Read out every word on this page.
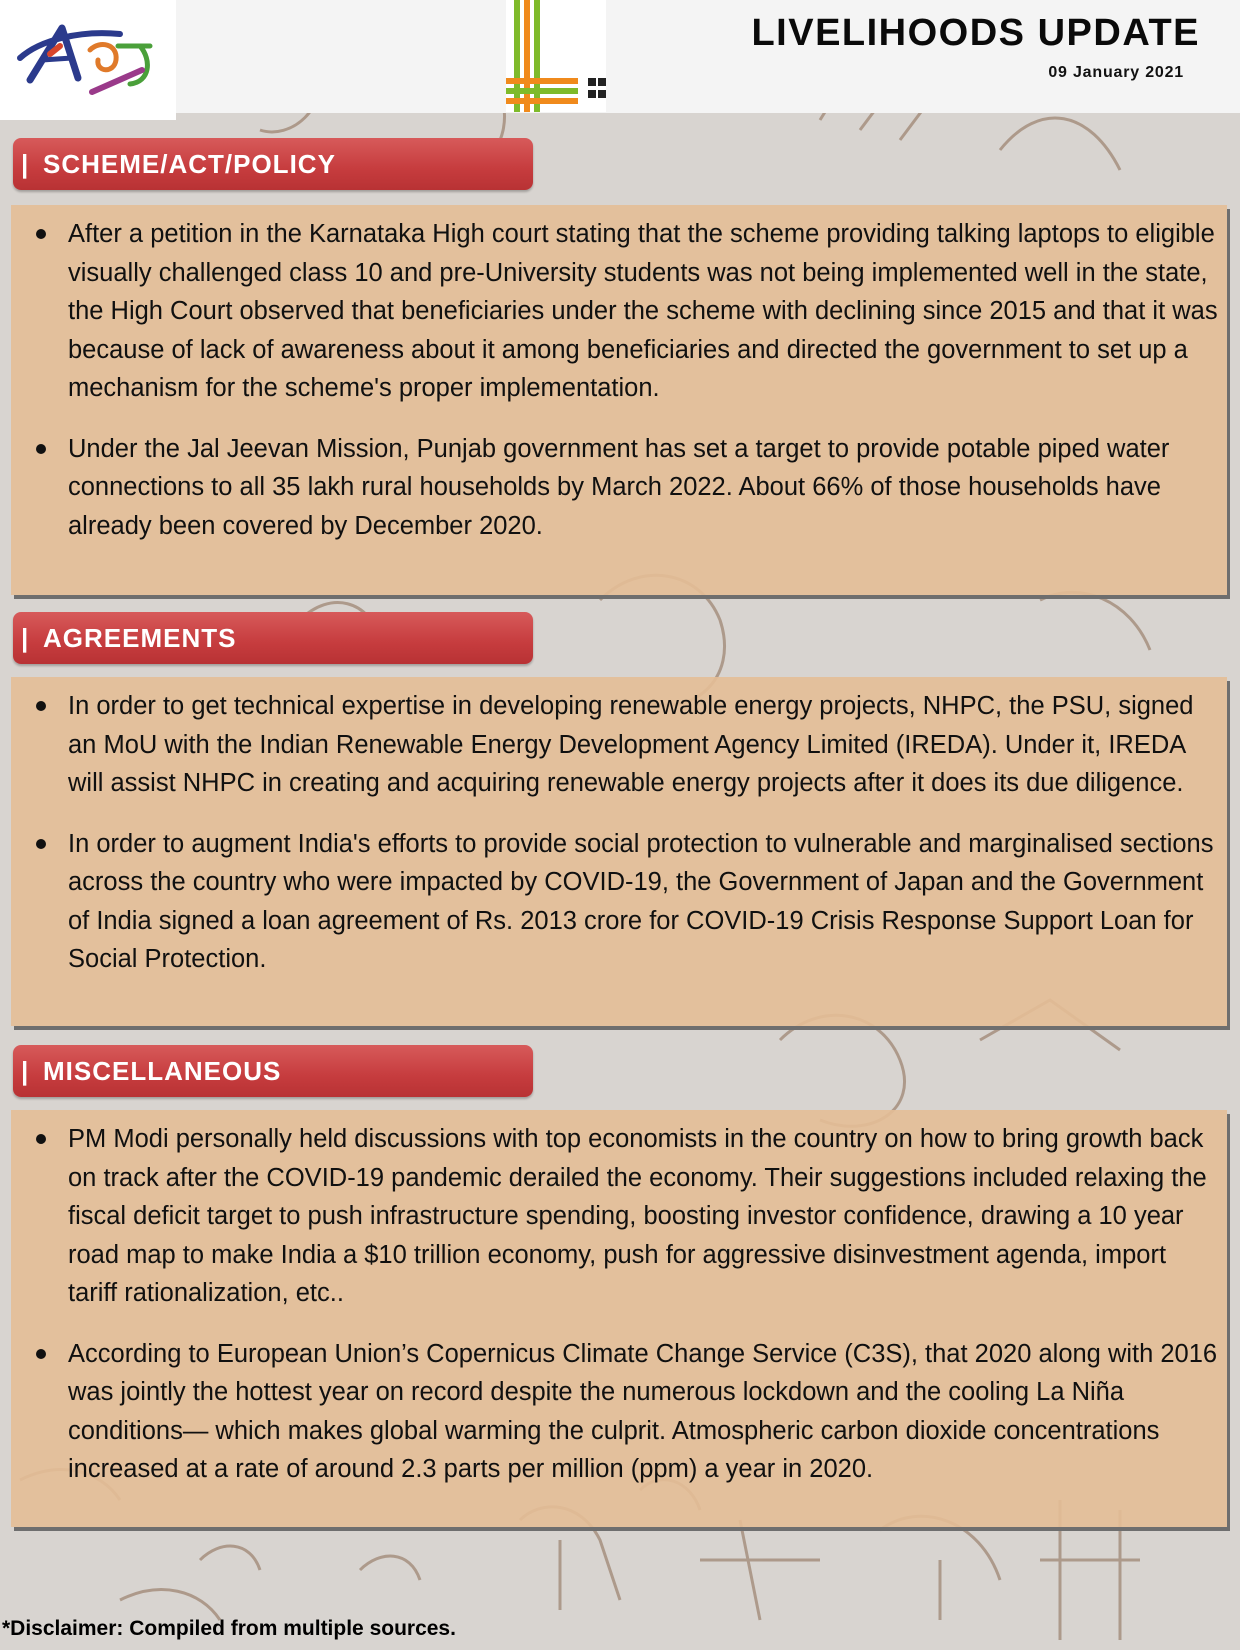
LIVELIHOODS UPDATE
09 January 2021
| SCHEME/ACT/POLICY
After a petition in the Karnataka High court stating that the scheme providing talking laptops to eligible visually challenged class 10 and pre-University students was not being implemented well in the state, the High Court observed that beneficiaries under the scheme with declining since 2015 and that it was because of lack of awareness about it among beneficiaries and directed the government to set up a mechanism for the scheme's proper implementation.
Under the Jal Jeevan Mission, Punjab government has set a target to provide potable piped water connections to all 35 lakh rural households by March 2022. About 66% of those households have already been covered by December 2020.
| AGREEMENTS
In order to get technical expertise in developing renewable energy projects, NHPC, the PSU, signed an MoU with the Indian Renewable Energy Development Agency Limited (IREDA). Under it, IREDA will assist NHPC in creating and acquiring renewable energy projects after it does its due diligence.
In order to augment India's efforts to provide social protection to vulnerable and marginalised sections across the country who were impacted by COVID-19, the Government of Japan and the Government of India signed a loan agreement of Rs. 2013 crore for COVID-19 Crisis Response Support Loan for Social Protection.
| MISCELLANEOUS
PM Modi personally held discussions with top economists in the country on how to bring growth back on track after the COVID-19 pandemic derailed the economy. Their suggestions included relaxing the fiscal deficit target to push infrastructure spending, boosting investor confidence, drawing a 10 year road map to make India a $10 trillion economy, push for aggressive disinvestment agenda, import tariff rationalization, etc..
According to European Union’s Copernicus Climate Change Service (C3S), that 2020 along with 2016 was jointly the hottest year on record despite the numerous lockdown and the cooling La Niña conditions— which makes global warming the culprit. Atmospheric carbon dioxide concentrations increased at a rate of around 2.3 parts per million (ppm) a year in 2020.
*Disclaimer: Compiled from multiple sources.
